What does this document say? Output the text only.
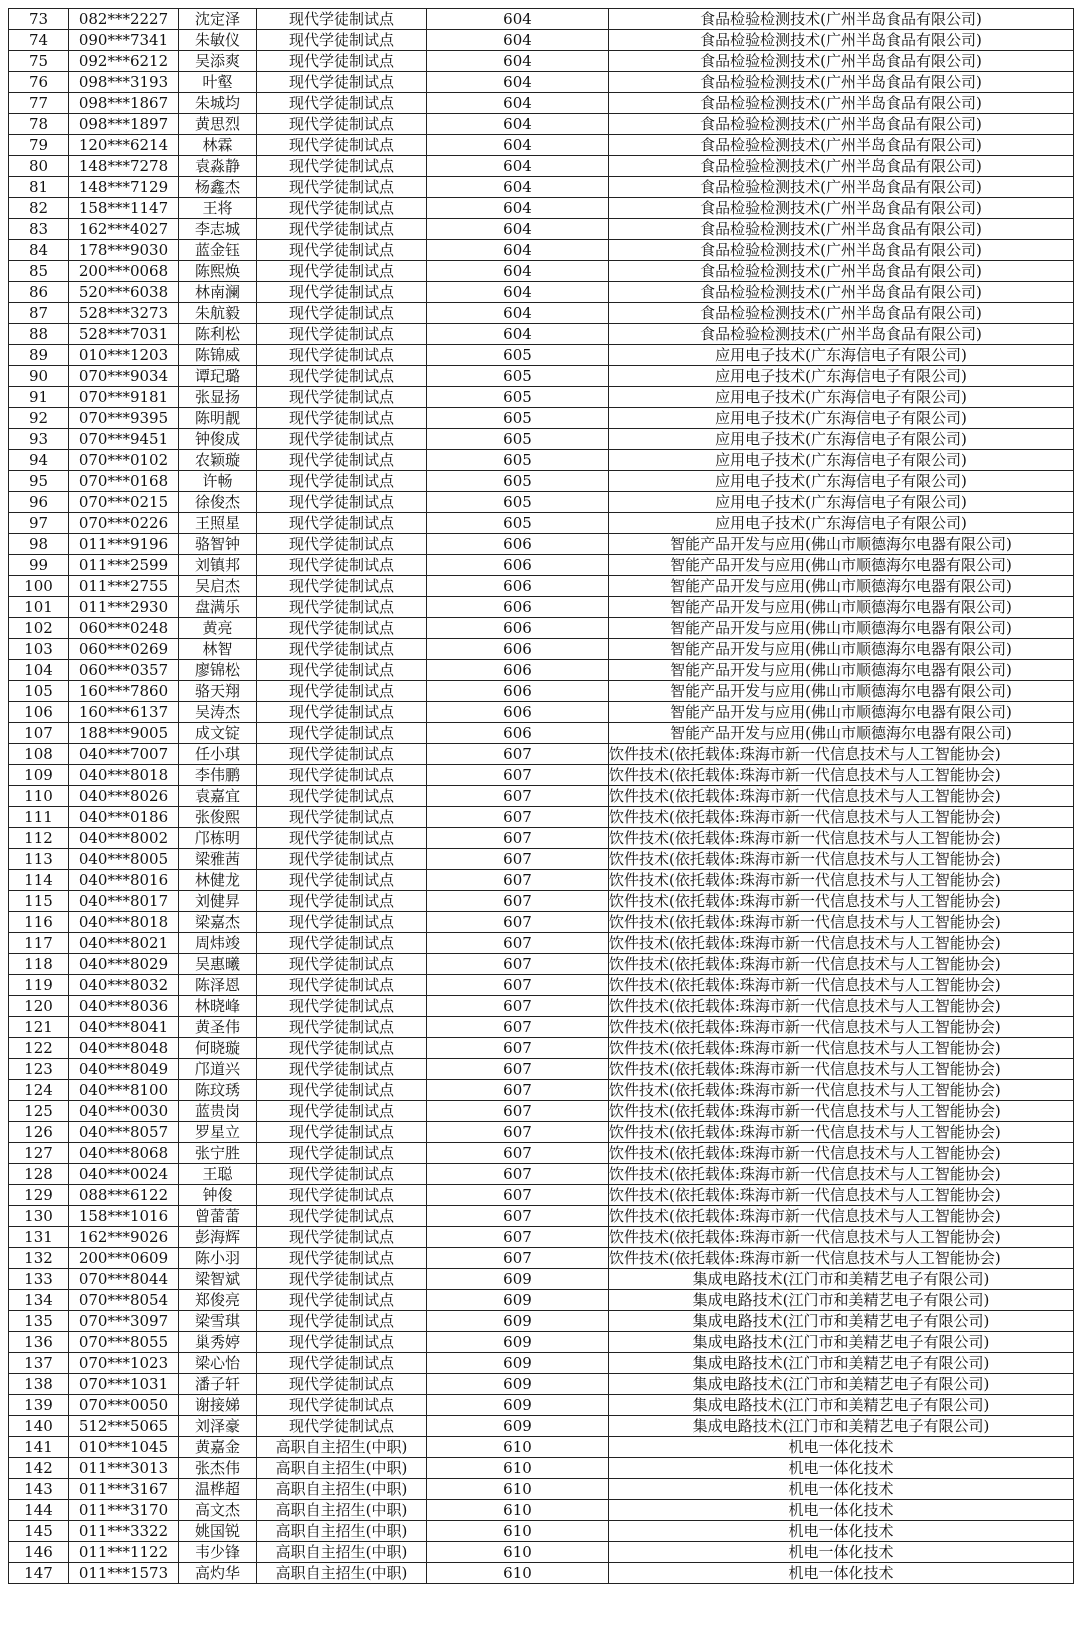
73	082***2227	沈定泽	现代学徒制试点	604	食品检验检测技术(广州半岛食品有限公司)
74	090***7341	朱敏仪	现代学徒制试点	604	食品检验检测技术(广州半岛食品有限公司)
75	092***6212	吴添爽	现代学徒制试点	604	食品检验检测技术(广州半岛食品有限公司)
76	098***3193	叶壑	现代学徒制试点	604	食品检验检测技术(广州半岛食品有限公司)
77	098***1867	朱城均	现代学徒制试点	604	食品检验检测技术(广州半岛食品有限公司)
78	098***1897	黄思烈	现代学徒制试点	604	食品检验检测技术(广州半岛食品有限公司)
79	120***6214	林霖	现代学徒制试点	604	食品检验检测技术(广州半岛食品有限公司)
80	148***7278	袁淼静	现代学徒制试点	604	食品检验检测技术(广州半岛食品有限公司)
81	148***7129	杨鑫杰	现代学徒制试点	604	食品检验检测技术(广州半岛食品有限公司)
82	158***1147	王将	现代学徒制试点	604	食品检验检测技术(广州半岛食品有限公司)
83	162***4027	李志城	现代学徒制试点	604	食品检验检测技术(广州半岛食品有限公司)
84	178***9030	蓝金钰	现代学徒制试点	604	食品检验检测技术(广州半岛食品有限公司)
85	200***0068	陈熙焕	现代学徒制试点	604	食品检验检测技术(广州半岛食品有限公司)
86	520***6038	林南澜	现代学徒制试点	604	食品检验检测技术(广州半岛食品有限公司)
87	528***3273	朱航毅	现代学徒制试点	604	食品检验检测技术(广州半岛食品有限公司)
88	528***7031	陈利松	现代学徒制试点	604	食品检验检测技术(广州半岛食品有限公司)
89	010***1203	陈锦威	现代学徒制试点	605	应用电子技术(广东海信电子有限公司)
90	070***9034	谭玘璐	现代学徒制试点	605	应用电子技术(广东海信电子有限公司)
91	070***9181	张显扬	现代学徒制试点	605	应用电子技术(广东海信电子有限公司)
92	070***9395	陈明靓	现代学徒制试点	605	应用电子技术(广东海信电子有限公司)
93	070***9451	钟俊成	现代学徒制试点	605	应用电子技术(广东海信电子有限公司)
94	070***0102	农颖璇	现代学徒制试点	605	应用电子技术(广东海信电子有限公司)
95	070***0168	许畅	现代学徒制试点	605	应用电子技术(广东海信电子有限公司)
96	070***0215	徐俊杰	现代学徒制试点	605	应用电子技术(广东海信电子有限公司)
97	070***0226	王照星	现代学徒制试点	605	应用电子技术(广东海信电子有限公司)
98	011***9196	骆智钟	现代学徒制试点	606	智能产品开发与应用(佛山市顺德海尔电器有限公司)
99	011***2599	刘镇邦	现代学徒制试点	606	智能产品开发与应用(佛山市顺德海尔电器有限公司)
100	011***2755	吴启杰	现代学徒制试点	606	智能产品开发与应用(佛山市顺德海尔电器有限公司)
101	011***2930	盘满乐	现代学徒制试点	606	智能产品开发与应用(佛山市顺德海尔电器有限公司)
102	060***0248	黄亮	现代学徒制试点	606	智能产品开发与应用(佛山市顺德海尔电器有限公司)
103	060***0269	林智	现代学徒制试点	606	智能产品开发与应用(佛山市顺德海尔电器有限公司)
104	060***0357	廖锦松	现代学徒制试点	606	智能产品开发与应用(佛山市顺德海尔电器有限公司)
105	160***7860	骆天翔	现代学徒制试点	606	智能产品开发与应用(佛山市顺德海尔电器有限公司)
106	160***6137	吴涛杰	现代学徒制试点	606	智能产品开发与应用(佛山市顺德海尔电器有限公司)
107	188***9005	成文锭	现代学徒制试点	606	智能产品开发与应用(佛山市顺德海尔电器有限公司)
108	040***7007	任小琪	现代学徒制试点	607	饮件技术(依托载体:珠海市新一代信息技术与人工智能协会)
109	040***8018	李伟鹏	现代学徒制试点	607	饮件技术(依托载体:珠海市新一代信息技术与人工智能协会)
110	040***8026	袁嘉宜	现代学徒制试点	607	饮件技术(依托载体:珠海市新一代信息技术与人工智能协会)
111	040***0186	张俊熙	现代学徒制试点	607	饮件技术(依托载体:珠海市新一代信息技术与人工智能协会)
112	040***8002	邝栋明	现代学徒制试点	607	饮件技术(依托载体:珠海市新一代信息技术与人工智能协会)
113	040***8005	梁雅茜	现代学徒制试点	607	饮件技术(依托载体:珠海市新一代信息技术与人工智能协会)
114	040***8016	林健龙	现代学徒制试点	607	饮件技术(依托载体:珠海市新一代信息技术与人工智能协会)
115	040***8017	刘健昇	现代学徒制试点	607	饮件技术(依托载体:珠海市新一代信息技术与人工智能协会)
116	040***8018	梁嘉杰	现代学徒制试点	607	饮件技术(依托载体:珠海市新一代信息技术与人工智能协会)
117	040***8021	周炜竣	现代学徒制试点	607	饮件技术(依托载体:珠海市新一代信息技术与人工智能协会)
118	040***8029	吴惠曦	现代学徒制试点	607	饮件技术(依托载体:珠海市新一代信息技术与人工智能协会)
119	040***8032	陈泽恩	现代学徒制试点	607	饮件技术(依托载体:珠海市新一代信息技术与人工智能协会)
120	040***8036	林晓峰	现代学徒制试点	607	饮件技术(依托载体:珠海市新一代信息技术与人工智能协会)
121	040***8041	黄圣伟	现代学徒制试点	607	饮件技术(依托载体:珠海市新一代信息技术与人工智能协会)
122	040***8048	何晓璇	现代学徒制试点	607	饮件技术(依托载体:珠海市新一代信息技术与人工智能协会)
123	040***8049	邝道兴	现代学徒制试点	607	饮件技术(依托载体:珠海市新一代信息技术与人工智能协会)
124	040***8100	陈玟琇	现代学徒制试点	607	饮件技术(依托载体:珠海市新一代信息技术与人工智能协会)
125	040***0030	蓝贵岗	现代学徒制试点	607	饮件技术(依托载体:珠海市新一代信息技术与人工智能协会)
126	040***8057	罗星立	现代学徒制试点	607	饮件技术(依托载体:珠海市新一代信息技术与人工智能协会)
127	040***8068	张宁胜	现代学徒制试点	607	饮件技术(依托载体:珠海市新一代信息技术与人工智能协会)
128	040***0024	王聪	现代学徒制试点	607	饮件技术(依托载体:珠海市新一代信息技术与人工智能协会)
129	088***6122	钟俊	现代学徒制试点	607	饮件技术(依托载体:珠海市新一代信息技术与人工智能协会)
130	158***1016	曾蕾蕾	现代学徒制试点	607	饮件技术(依托载体:珠海市新一代信息技术与人工智能协会)
131	162***9026	彭海辉	现代学徒制试点	607	饮件技术(依托载体:珠海市新一代信息技术与人工智能协会)
132	200***0609	陈小羽	现代学徒制试点	607	饮件技术(依托载体:珠海市新一代信息技术与人工智能协会)
133	070***8044	梁智斌	现代学徒制试点	609	集成电路技术(江门市和美精艺电子有限公司)
134	070***8054	郑俊亮	现代学徒制试点	609	集成电路技术(江门市和美精艺电子有限公司)
135	070***3097	梁雪琪	现代学徒制试点	609	集成电路技术(江门市和美精艺电子有限公司)
136	070***8055	巢秀婷	现代学徒制试点	609	集成电路技术(江门市和美精艺电子有限公司)
137	070***1023	梁心怡	现代学徒制试点	609	集成电路技术(江门市和美精艺电子有限公司)
138	070***1031	潘子轩	现代学徒制试点	609	集成电路技术(江门市和美精艺电子有限公司)
139	070***0050	谢接娣	现代学徒制试点	609	集成电路技术(江门市和美精艺电子有限公司)
140	512***5065	刘泽豪	现代学徒制试点	609	集成电路技术(江门市和美精艺电子有限公司)
141	010***1045	黄嘉金	高职自主招生(中职)	610	机电一体化技术
142	011***3013	张杰伟	高职自主招生(中职)	610	机电一体化技术
143	011***3167	温桦超	高职自主招生(中职)	610	机电一体化技术
144	011***3170	高文杰	高职自主招生(中职)	610	机电一体化技术
145	011***3322	姚国锐	高职自主招生(中职)	610	机电一体化技术
146	011***1122	韦少锋	高职自主招生(中职)	610	机电一体化技术
147	011***1573	高灼华	高职自主招生(中职)	610	机电一体化技术
